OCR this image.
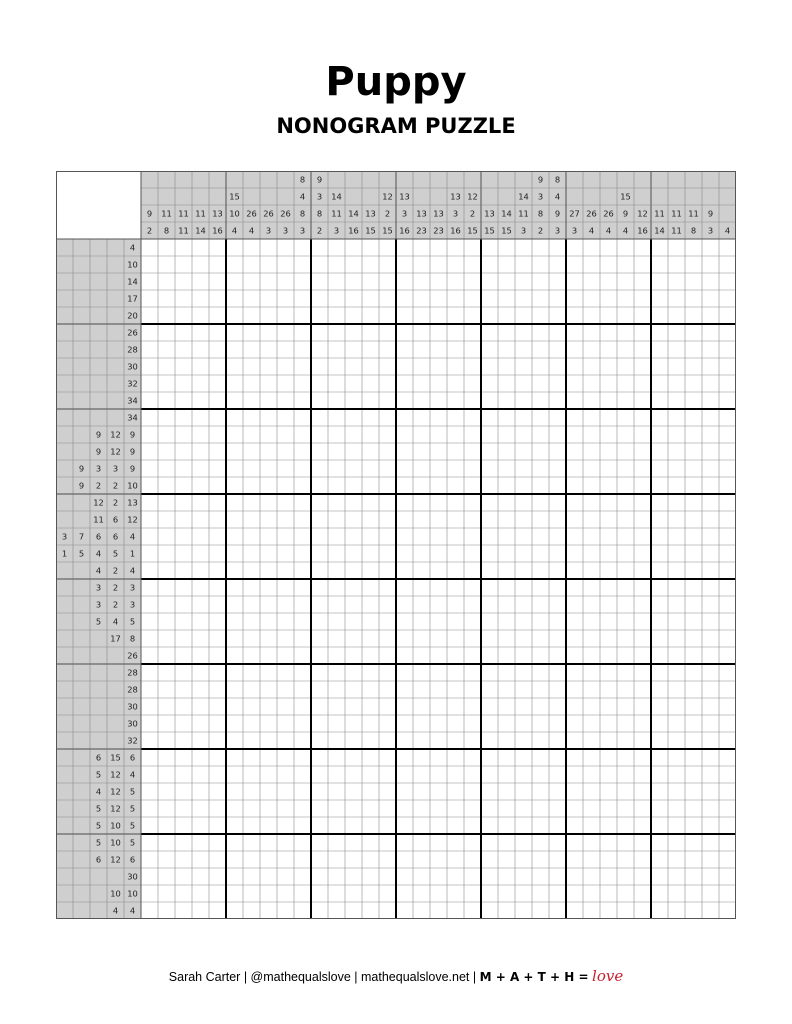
Puppy
NONOGRAM PUZZLE
9
2
11
8
11
11
11
14
13
16
15
10
4
26
4
26
3
26
3
8
4
8
3
9
3
8
2
14
11
3
14
16
13
15
12
2
15
13
3
16
13
23
13
23
13
3
16
12
2
15
13
15
14
15
14
11
3
9
3
8
2
8
4
9
3
27
3
26
4
26
4
15
9
4
12
16
11
14
11
11
11
8
9
3 4
4
10
14
17
20
26
28
30
32
34
34
9 12 9
9 12 9
9 3 3 9
9 2 2 10
12 2 13
11 6 12
3 7 6 6 4
1 5 4 5 1
4 2 4
3 2 3
3 2 3
5 4 5
17 8
26
28
28
30
30
32
6 15 6
5 12 4
4 12 5
5 12 5
5 10 5
5 10 5
6 12 6
30
10 10
4 4
Sarah Carter | @mathequalslove | mathequalslove.net | M + A + T + H = love
